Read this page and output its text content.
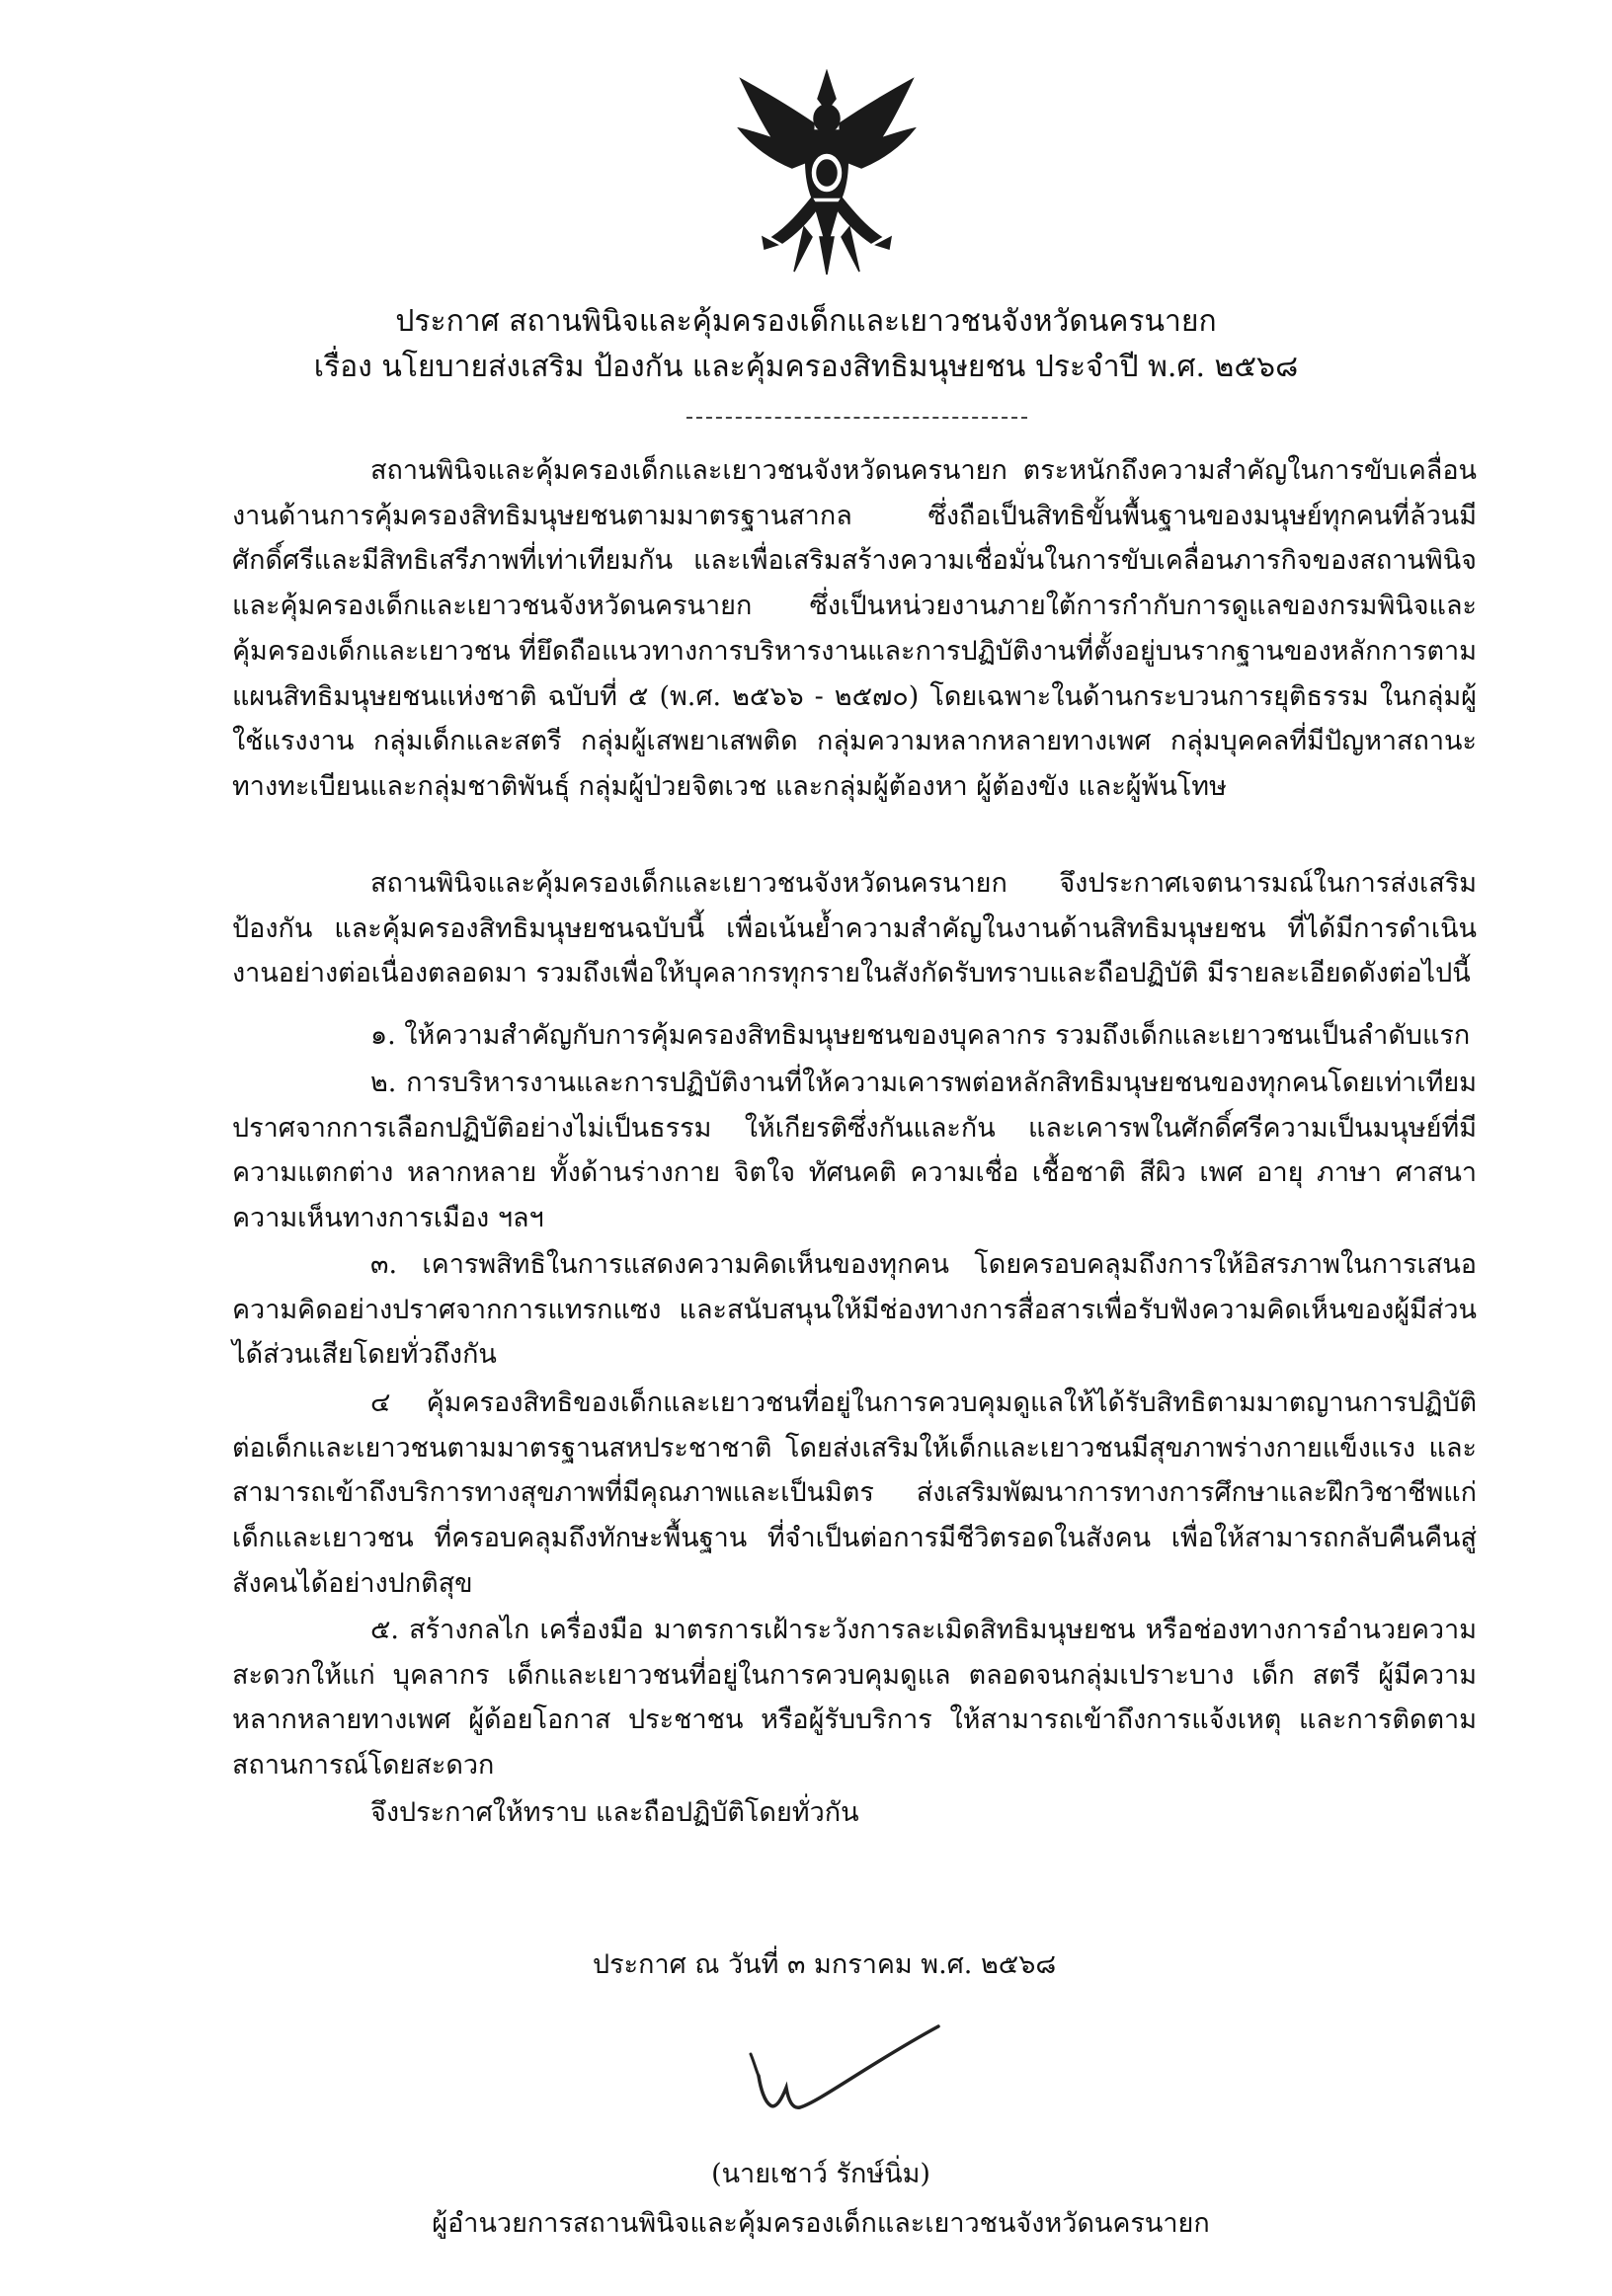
ประกาศ สถานพินิจและคุ้มครองเด็กและเยาวชนจังหวัดนครนายก
เรื่อง นโยบายส่งเสริม ป้องกัน และคุ้มครองสิทธิมนุษยชน ประจำปี พ.ศ. ๒๕๖๘

สถานพินิจและคุ้มครองเด็กและเยาวชนจังหวัดนครนายก ตระหนักถึงความสำคัญในการขับเคลื่อนงานด้านการคุ้มครองสิทธิมนุษยชนตามมาตรฐานสากล ซึ่งถือเป็นสิทธิขั้นพื้นฐานของมนุษย์ทุกคนที่ล้วนมีศักดิ์ศรีและมีสิทธิเสรีภาพที่เท่าเทียมกัน และเพื่อเสริมสร้างความเชื่อมั่นในการขับเคลื่อนภารกิจของสถานพินิจและคุ้มครองเด็กและเยาวชนจังหวัดนครนายก ซึ่งเป็นหน่วยงานภายใต้การกำกับการดูแลของกรมพินิจและคุ้มครองเด็กและเยาวชน ที่ยึดถือแนวทางการบริหารงานและการปฏิบัติงานที่ตั้งอยู่บนรากฐานของหลักการตามแผนสิทธิมนุษยชนแห่งชาติ ฉบับที่ ๕ (พ.ศ. ๒๕๖๖ - ๒๕๗๐) โดยเฉพาะในด้านกระบวนการยุติธรรม ในกลุ่มผู้ใช้แรงงาน กลุ่มเด็กและสตรี กลุ่มผู้เสพยาเสพติด กลุ่มความหลากหลายทางเพศ กลุ่มบุคคลที่มีปัญหาสถานะทางทะเบียนและกลุ่มชาติพันธุ์ กลุ่มผู้ป่วยจิตเวช และกลุ่มผู้ต้องหา ผู้ต้องขัง และผู้พ้นโทษ

สถานพินิจและคุ้มครองเด็กและเยาวชนจังหวัดนครนายก จึงประกาศเจตนารมณ์ในการส่งเสริม ป้องกัน และคุ้มครองสิทธิมนุษยชนฉบับนี้ เพื่อเน้นย้ำความสำคัญในงานด้านสิทธิมนุษยชน ที่ได้มีการดำเนินงานอย่างต่อเนื่องตลอดมา รวมถึงเพื่อให้บุคลากรทุกรายในสังกัดรับทราบและถือปฏิบัติ มีรายละเอียดดังต่อไปนี้

๑. ให้ความสำคัญกับการคุ้มครองสิทธิมนุษยชนของบุคลากร รวมถึงเด็กและเยาวชนเป็นลำดับแรก

๒. การบริหารงานและการปฏิบัติงานที่ให้ความเคารพต่อหลักสิทธิมนุษยชนของทุกคนโดยเท่าเทียม ปราศจากการเลือกปฏิบัติอย่างไม่เป็นธรรม ให้เกียรติซึ่งกันและกัน และเคารพในศักดิ์ศรีความเป็นมนุษย์ที่มีความแตกต่าง หลากหลาย ทั้งด้านร่างกาย จิตใจ ทัศนคติ ความเชื่อ เชื้อชาติ สีผิว เพศ อายุ ภาษา ศาสนา ความเห็นทางการเมือง ฯลฯ

๓. เคารพสิทธิในการแสดงความคิดเห็นของทุกคน โดยครอบคลุมถึงการให้อิสรภาพในการเสนอความคิดอย่างปราศจากการแทรกแซง และสนับสนุนให้มีช่องทางการสื่อสารเพื่อรับฟังความคิดเห็นของผู้มีส่วนได้ส่วนเสียโดยทั่วถึงกัน

๔ คุ้มครองสิทธิของเด็กและเยาวชนที่อยู่ในการควบคุมดูแลให้ได้รับสิทธิตามมาตญานการปฏิบัติต่อเด็กและเยาวชนตามมาตรฐานสหประชาชาติ โดยส่งเสริมให้เด็กและเยาวชนมีสุขภาพร่างกายแข็งแรง และสามารถเข้าถึงบริการทางสุขภาพที่มีคุณภาพและเป็นมิตร ส่งเสริมพัฒนาการทางการศึกษาและฝึกวิชาชีพแก่เด็กและเยาวชน ที่ครอบคลุมถึงทักษะพื้นฐาน ที่จำเป็นต่อการมีชีวิตรอดในสังคน เพื่อให้สามารถกลับคืนคืนสู่สังคนได้อย่างปกติสุข

๕. สร้างกลไก เครื่องมือ มาตรการเฝ้าระวังการละเมิดสิทธิมนุษยชน หรือช่องทางการอำนวยความสะดวกให้แก่ บุคลากร เด็กและเยาวชนที่อยู่ในการควบคุมดูแล ตลอดจนกลุ่มเปราะบาง เด็ก สตรี ผู้มีความหลากหลายทางเพศ ผู้ด้อยโอกาส ประชาชน หรือผู้รับบริการ ให้สามารถเข้าถึงการแจ้งเหตุ และการติดตามสถานการณ์โดยสะดวก

จึงประกาศให้ทราบ และถือปฏิบัติโดยทั่วกัน

ประกาศ ณ วันที่ ๓ มกราคม พ.ศ. ๒๕๖๘
(นายเชาว์ รักษ์นิ่ม)
ผู้อำนวยการสถานพินิจและคุ้มครองเด็กและเยาวชนจังหวัดนครนายก
